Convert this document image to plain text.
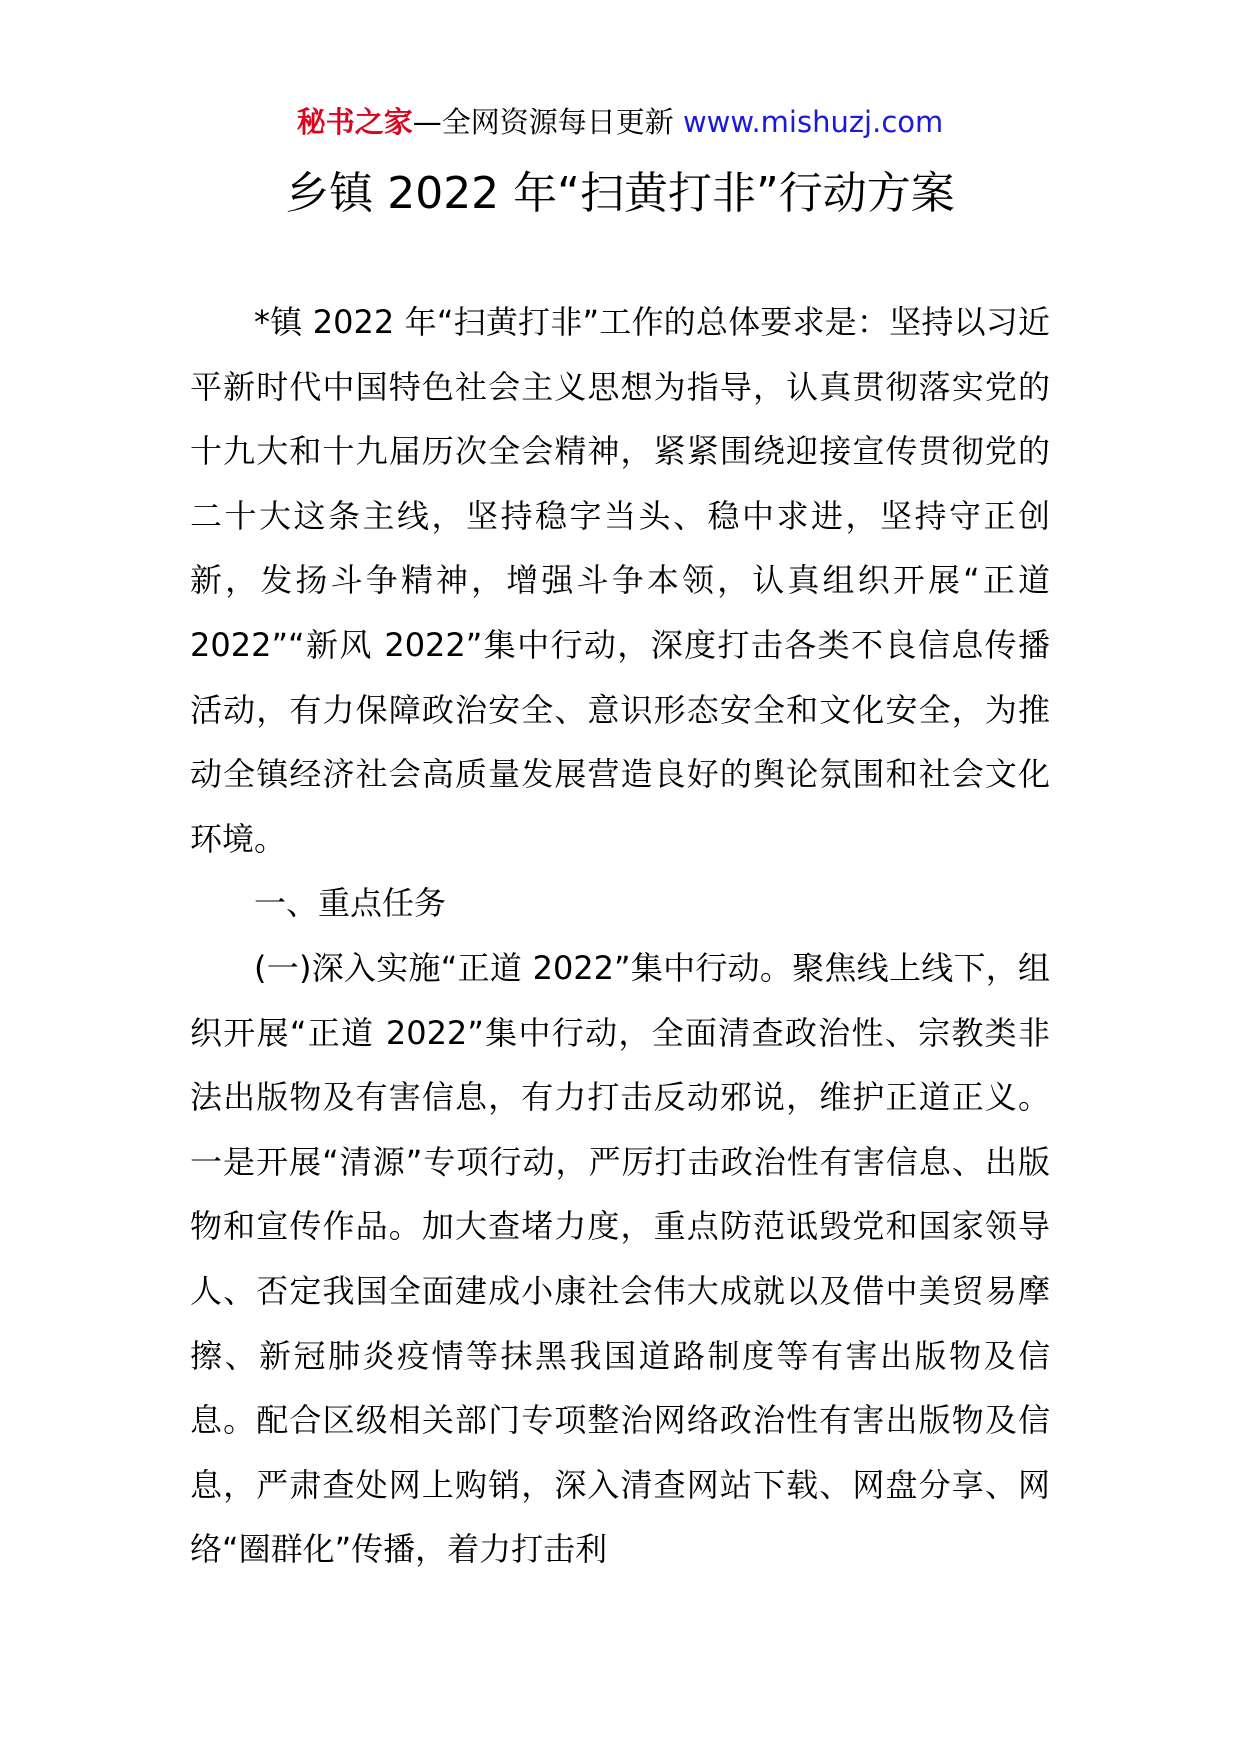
秘书之家—全网资源每日更新 www.mishuzj.com
乡镇 2022 年“扫黄打非”行动方案

*镇 2022 年“扫黄打非”工作的总体要求是：坚持以习近平新时代中国特色社会主义思想为指导，认真贯彻落实党的十九大和十九届历次全会精神，紧紧围绕迎接宣传贯彻党的二十大这条主线，坚持稳字当头、稳中求进，坚持守正创新，发扬斗争精神，增强斗争本领，认真组织开展“正道 2022”“新风 2022”集中行动，深度打击各类不良信息传播活动，有力保障政治安全、意识形态安全和文化安全，为推动全镇经济社会高质量发展营造良好的舆论氛围和社会文化环境。

一、重点任务

(一)深入实施“正道 2022”集中行动。聚焦线上线下，组织开展“正道 2022”集中行动，全面清查政治性、宗教类非法出版物及有害信息，有力打击反动邪说，维护正道正义。一是开展“清源”专项行动，严厉打击政治性有害信息、出版物和宣传作品。加大查堵力度，重点防范诋毁党和国家领导人、否定我国全面建成小康社会伟大成就以及借中美贸易摩擦、新冠肺炎疫情等抹黑我国道路制度等有害出版物及信息。配合区级相关部门专项整治网络政治性有害出版物及信息，严肃查处网上购销，深入清查网站下载、网盘分享、网络“圈群化”传播，着力打击利
